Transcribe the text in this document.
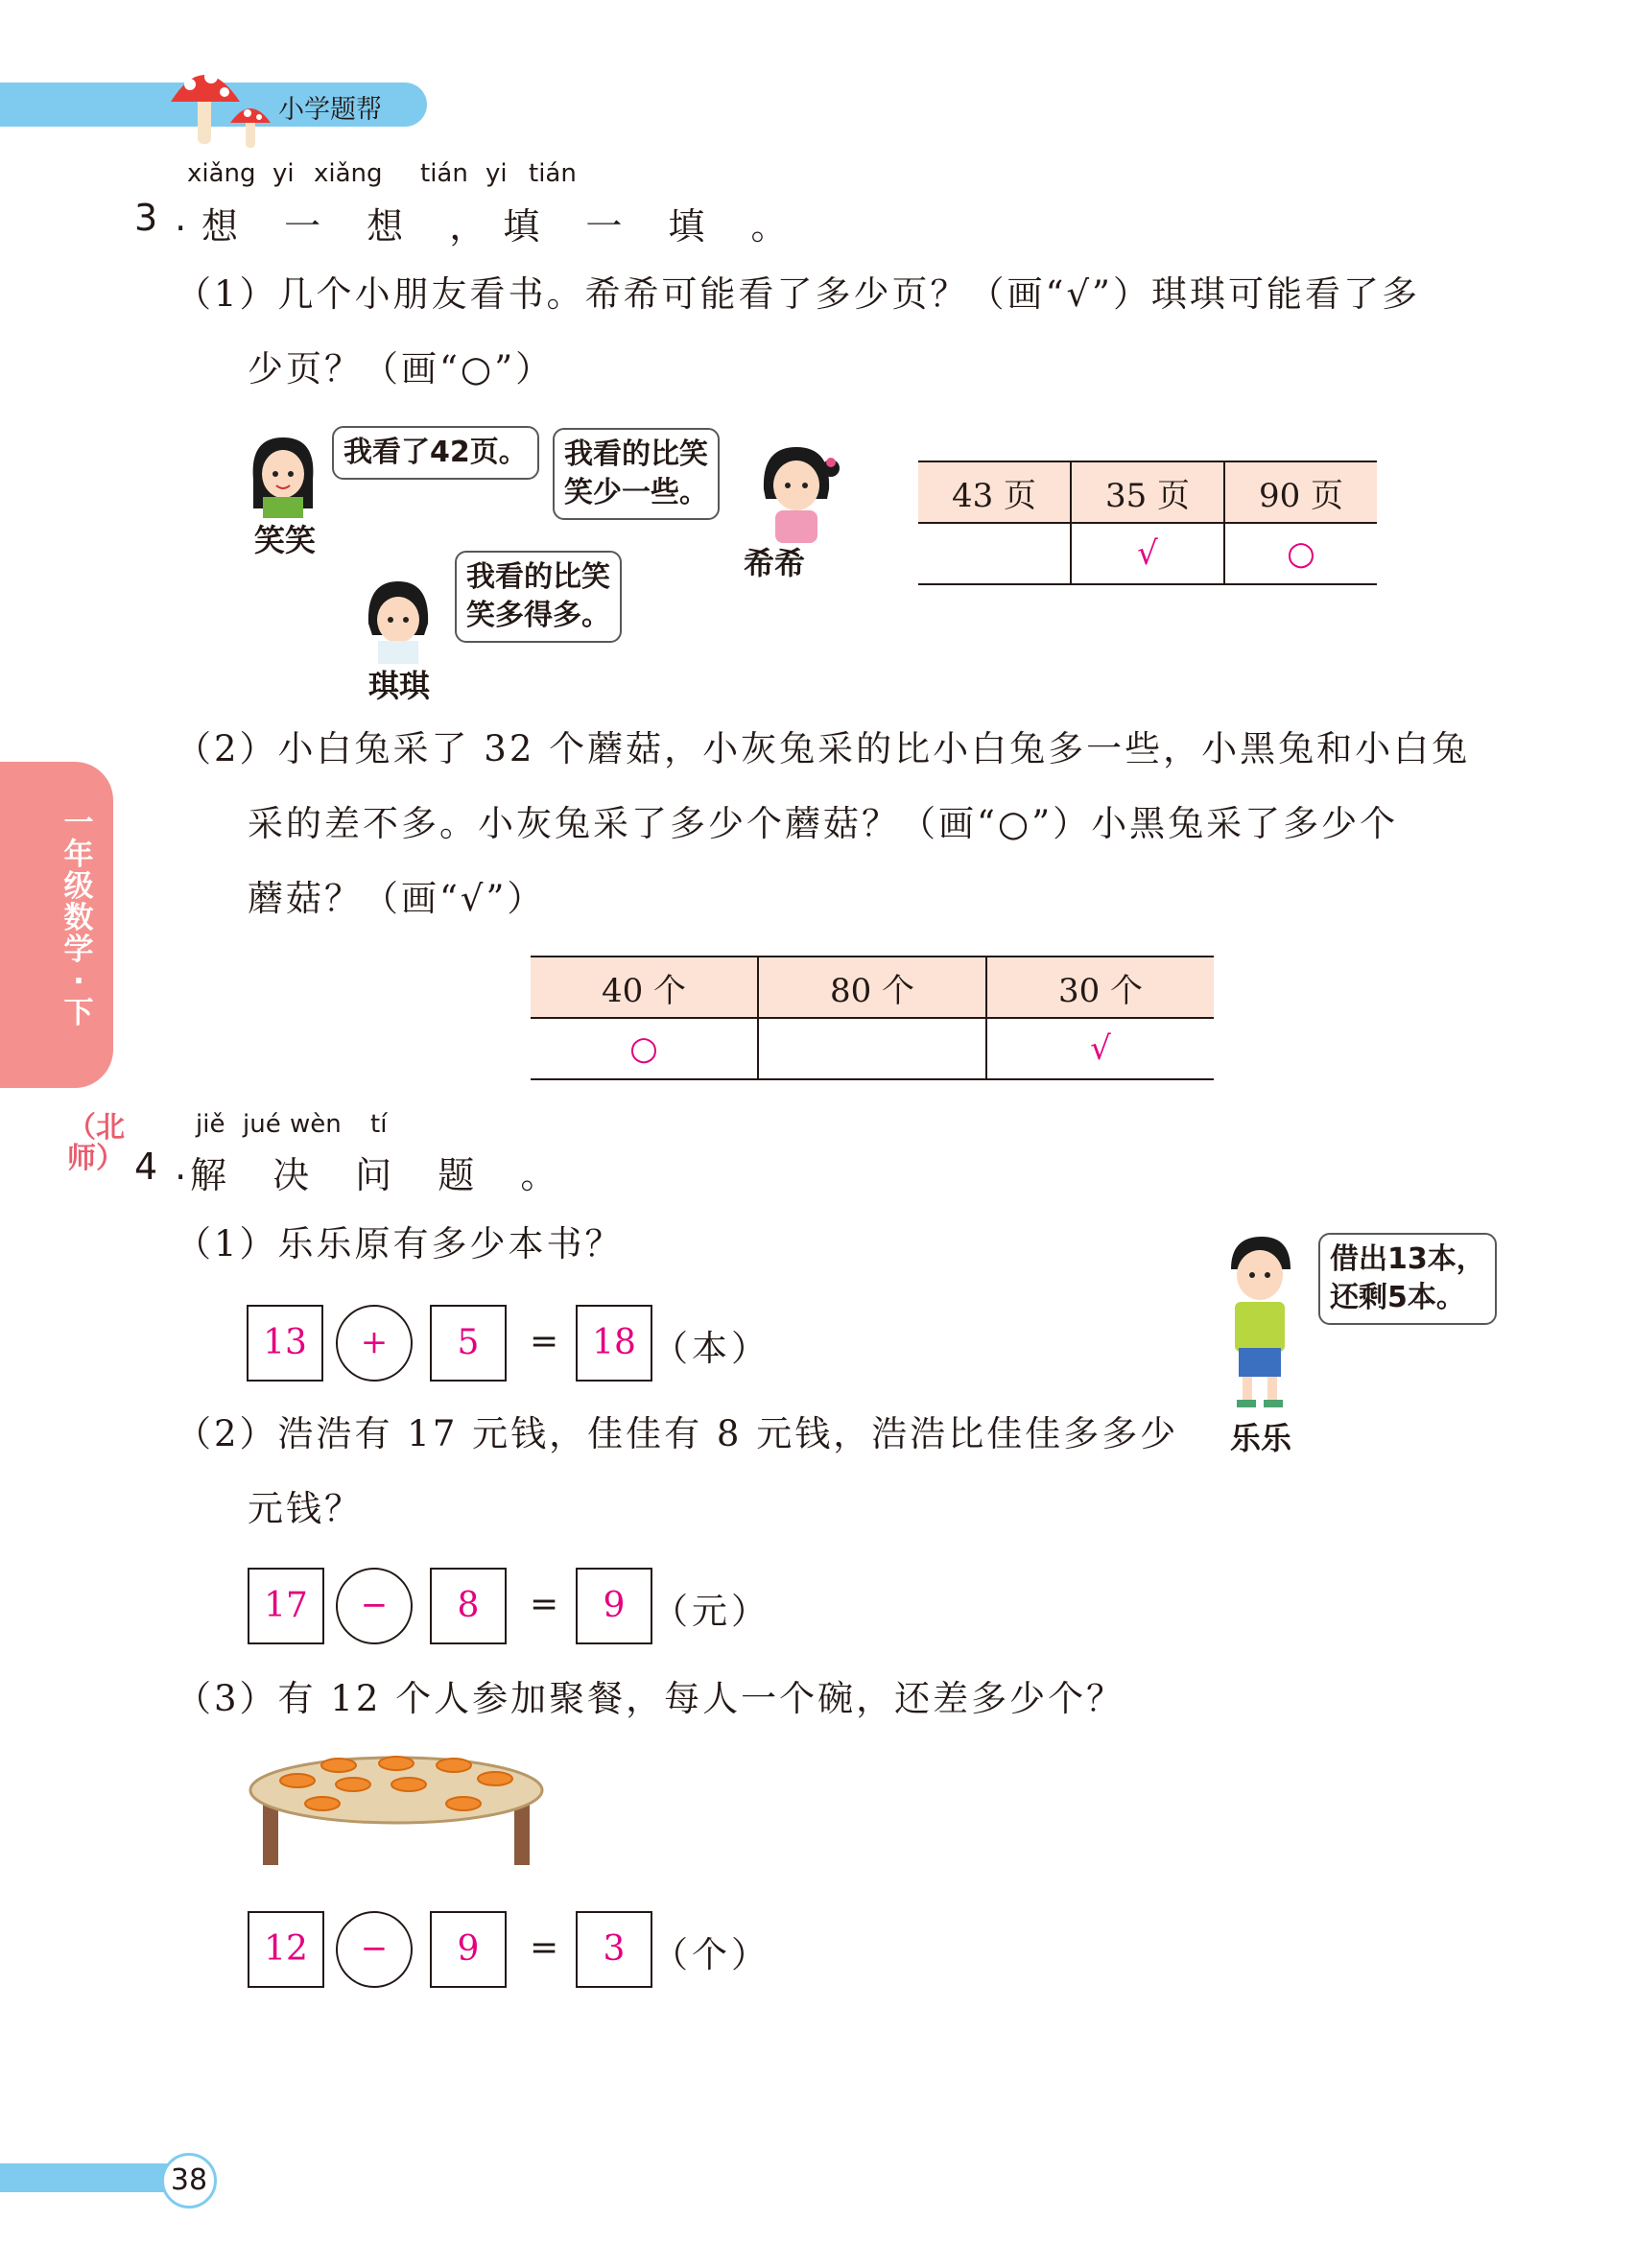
小学题帮
一年级数学·下
（北师）
xiǎng yi xiǎng tián yi tián
3.
想 一 想 ，填 一 填 。
（1）几个小朋友看书。希希可能看了多少页？（画“√”）琪琪可能看了多
少页？（画“○”）
笑笑
我看了42页。	我看的比笑
笑少一些。
希希
琪琪
我看的比笑
笑多得多。
43 页	35 页	90 页
	√	○
（2）小白兔采了 32 个蘑菇，小灰兔采的比小白兔多一些，小黑兔和小白兔
采的差不多。小灰兔采了多少个蘑菇？（画“○”）小黑兔采了多少个
蘑菇？（画“√”）
40 个	80 个	30 个
○		√
jiě jué wèn tí
4.
解 决 问 题 。
（1）乐乐原有多少本书？
13	+	5	= 18 （本）
乐乐
借出13本，
还剩5本。
（2）浩浩有 17 元钱，佳佳有 8 元钱，浩浩比佳佳多多少
元钱？
17	−	8	=	9 （元）
（3）有 12 个人参加聚餐，每人一个碗，还差多少个？
12	−	9	=	3 （个）
38
